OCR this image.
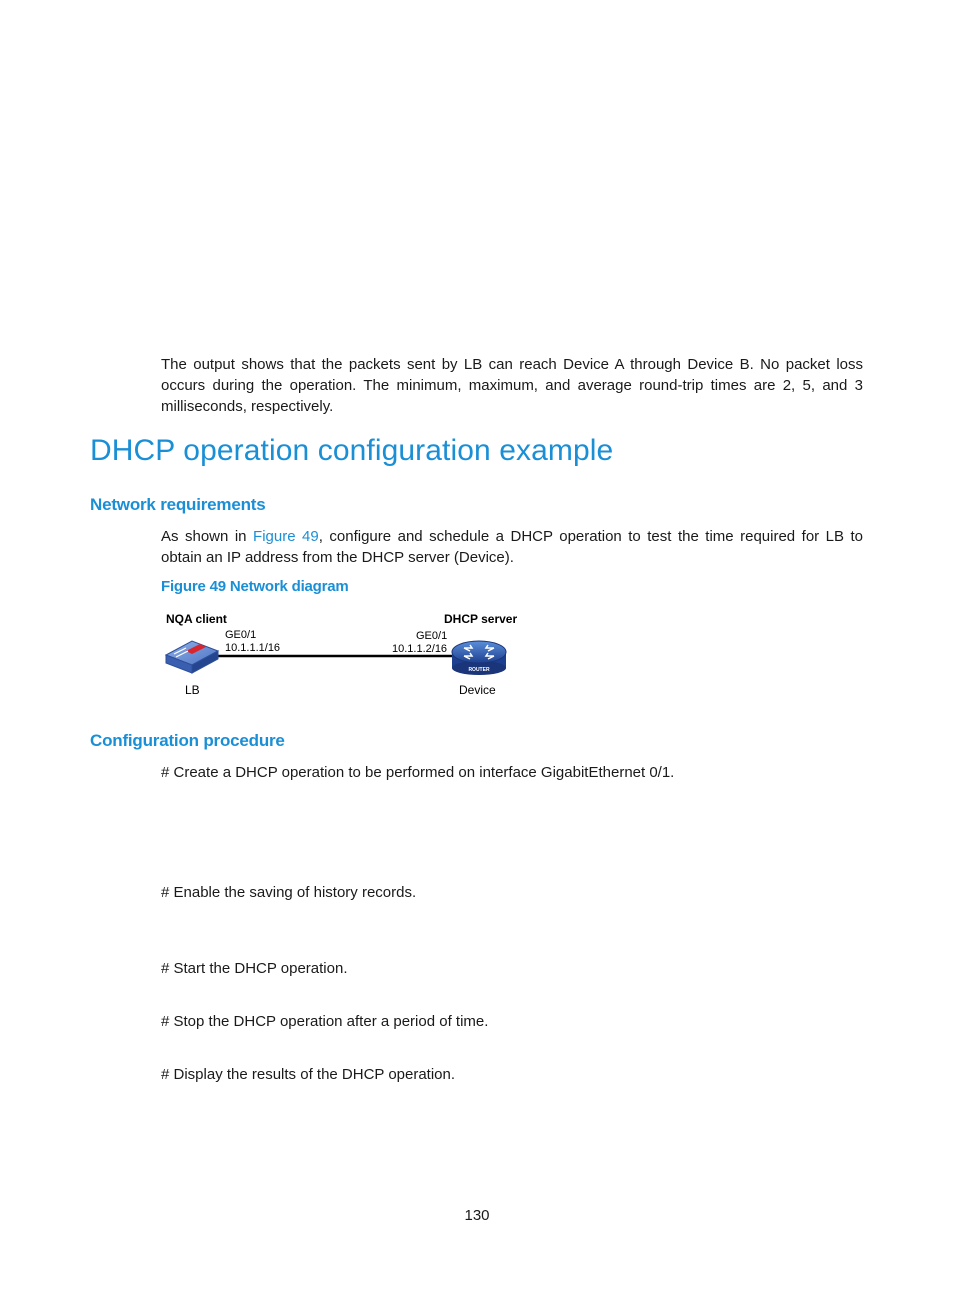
The output shows that the packets sent by LB can reach Device A through Device B. No packet loss occurs during the operation. The minimum, maximum, and average round-trip times are 2, 5, and 3 milliseconds, respectively.
DHCP operation configuration example
Network requirements
As shown in Figure 49, configure and schedule a DHCP operation to test the time required for LB to obtain an IP address from the DHCP server (Device).
Figure 49 Network diagram
NQA client	DHCP server
GE0/1
10.1.1.1/16
GE0/1
10.1.1.2/16
ROUTER
LB	Device
Configuration procedure
# Create a DHCP operation to be performed on interface GigabitEthernet 0/1.
# Enable the saving of history records.
# Start the DHCP operation.
# Stop the DHCP operation after a period of time.
# Display the results of the DHCP operation.
130
